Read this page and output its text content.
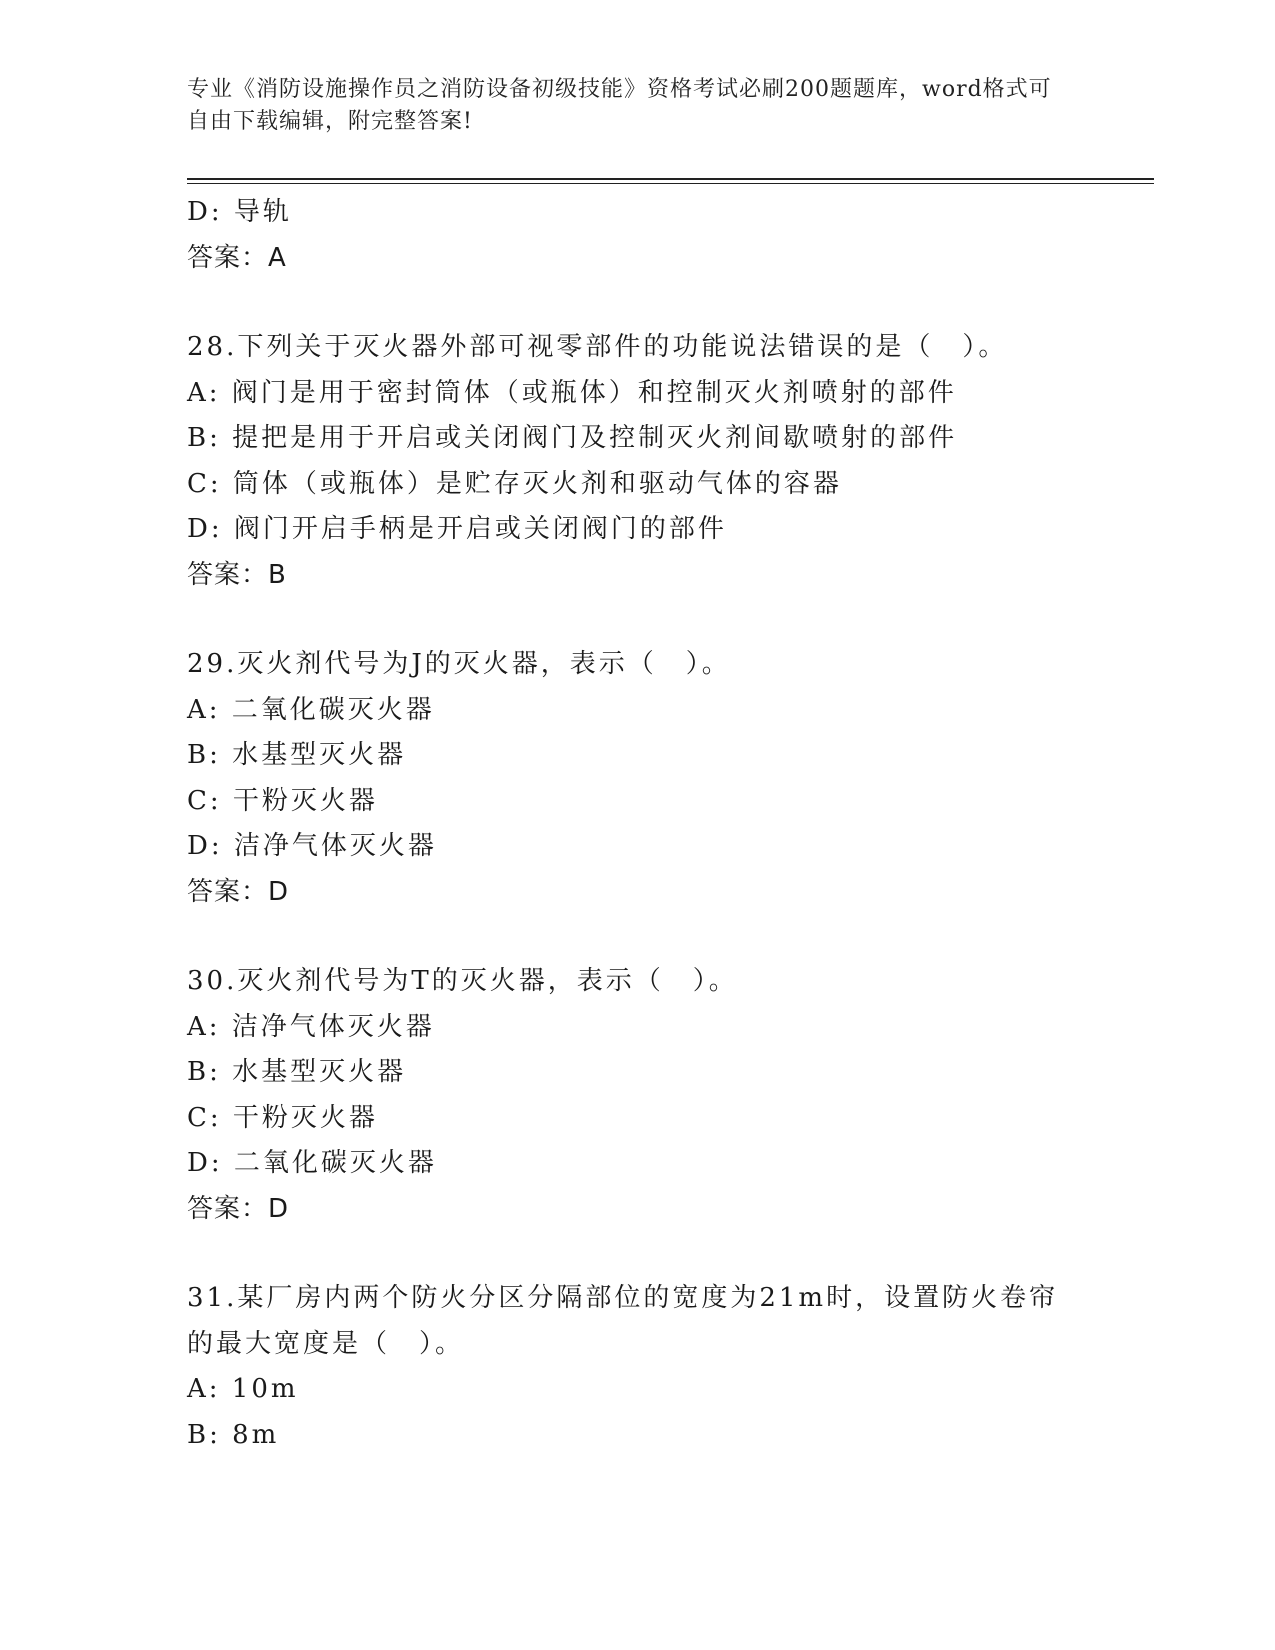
专业《消防设施操作员之消防设备初级技能》资格考试必刷200题题库，word格式可自由下载编辑，附完整答案!
D: 导轨
答案：A
28.下列关于灭火器外部可视零部件的功能说法错误的是（　）。
A: 阀门是用于密封筒体（或瓶体）和控制灭火剂喷射的部件
B: 提把是用于开启或关闭阀门及控制灭火剂间歇喷射的部件
C: 筒体（或瓶体）是贮存灭火剂和驱动气体的容器
D: 阀门开启手柄是开启或关闭阀门的部件
答案：B
29.灭火剂代号为J的灭火器，表示（　）。
A: 二氧化碳灭火器
B: 水基型灭火器
C: 干粉灭火器
D: 洁净气体灭火器
答案：D
30.灭火剂代号为T的灭火器，表示（　）。
A: 洁净气体灭火器
B: 水基型灭火器
C: 干粉灭火器
D: 二氧化碳灭火器
答案：D
31.某厂房内两个防火分区分隔部位的宽度为21m时，设置防火卷帘的最大宽度是（　）。
A: 10m
B: 8m
